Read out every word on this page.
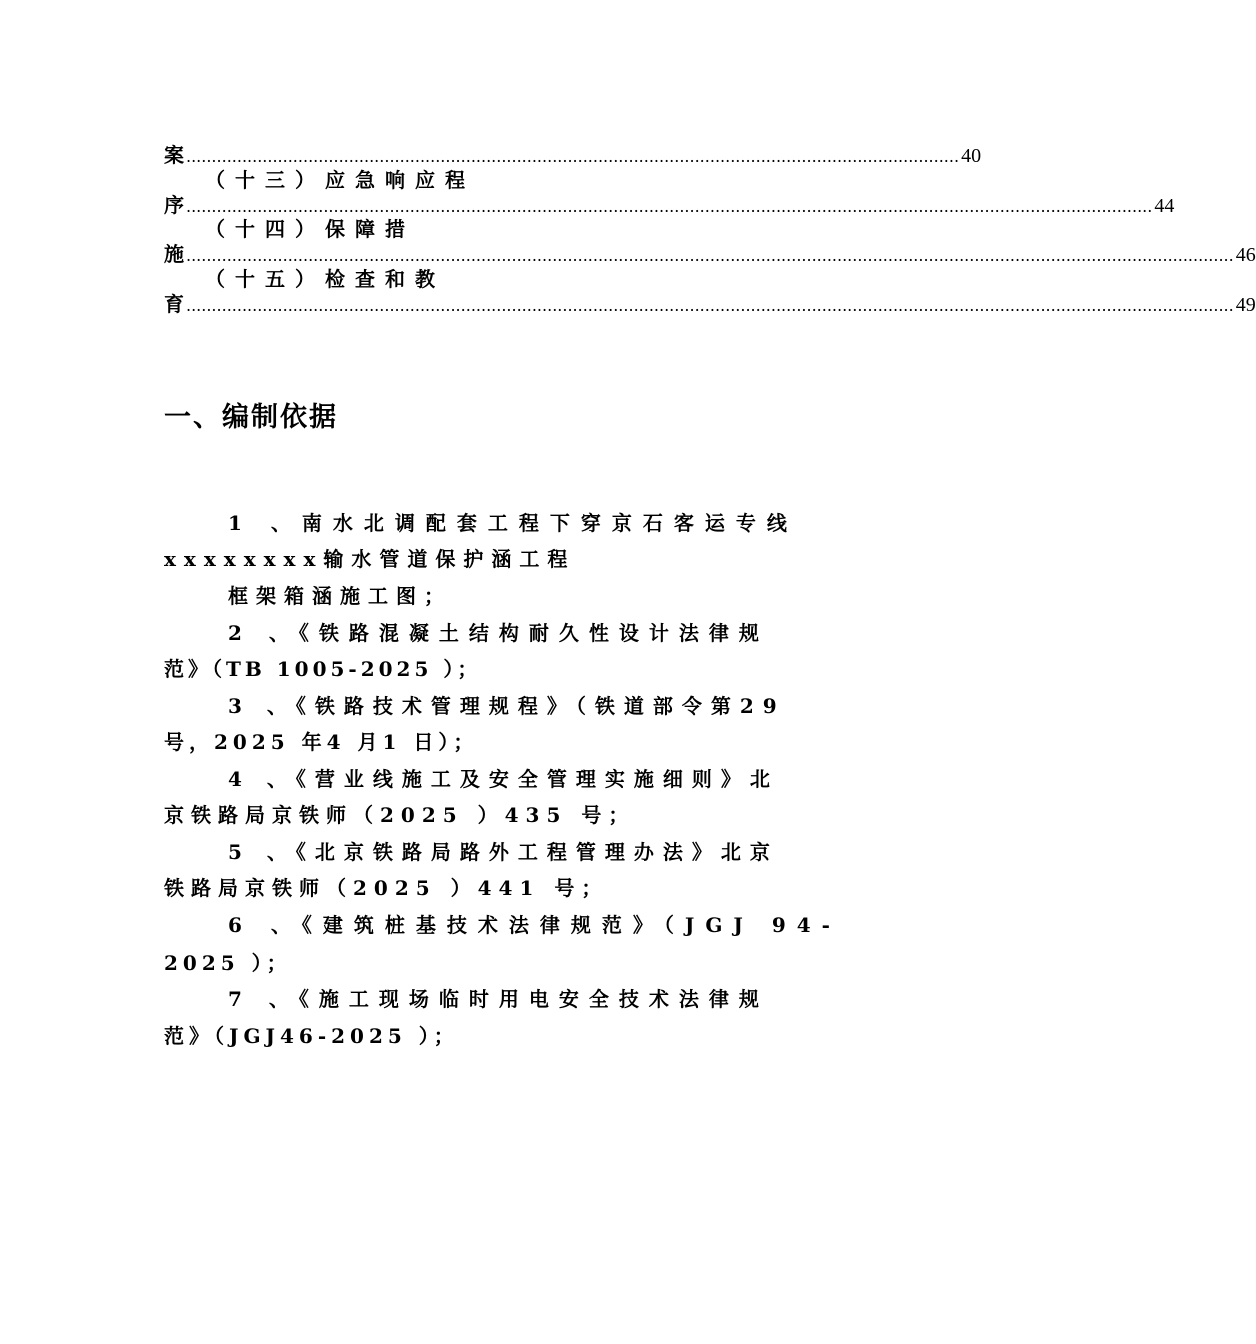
案 ........................................................................................................................................................ 40
（十三）应急响应程
序 .............................................................................................................................................................................................. 44
（十四）保障措
施 .............................................................................................................................................................................................................. 46
（十五）检查和教
育 .............................................................................................................................................................................................................. 49
一、编制依据
1 、南水北调配套工程下穿京石客运专线
xxxxxxxx输水管道保护涵工程
框架箱涵施工图；
2 、《铁路混凝土结构耐久性设计法律规
范》（TB 1005-2025 ）；
3 、《铁路技术管理规程》（铁道部令第29
号，2025 年4 月1 日）；
4 、《营业线施工及安全管理实施细则》北
京铁路局京铁师（2025 ）435 号；
5 、《北京铁路局路外工程管理办法》北京
铁路局京铁师（2025 ）441 号；
6 、《建筑桩基技术法律规范》（JGJ 94-
2025 ）；
7 、《施工现场临时用电安全技术法律规
范》（JGJ46-2025 ）；
